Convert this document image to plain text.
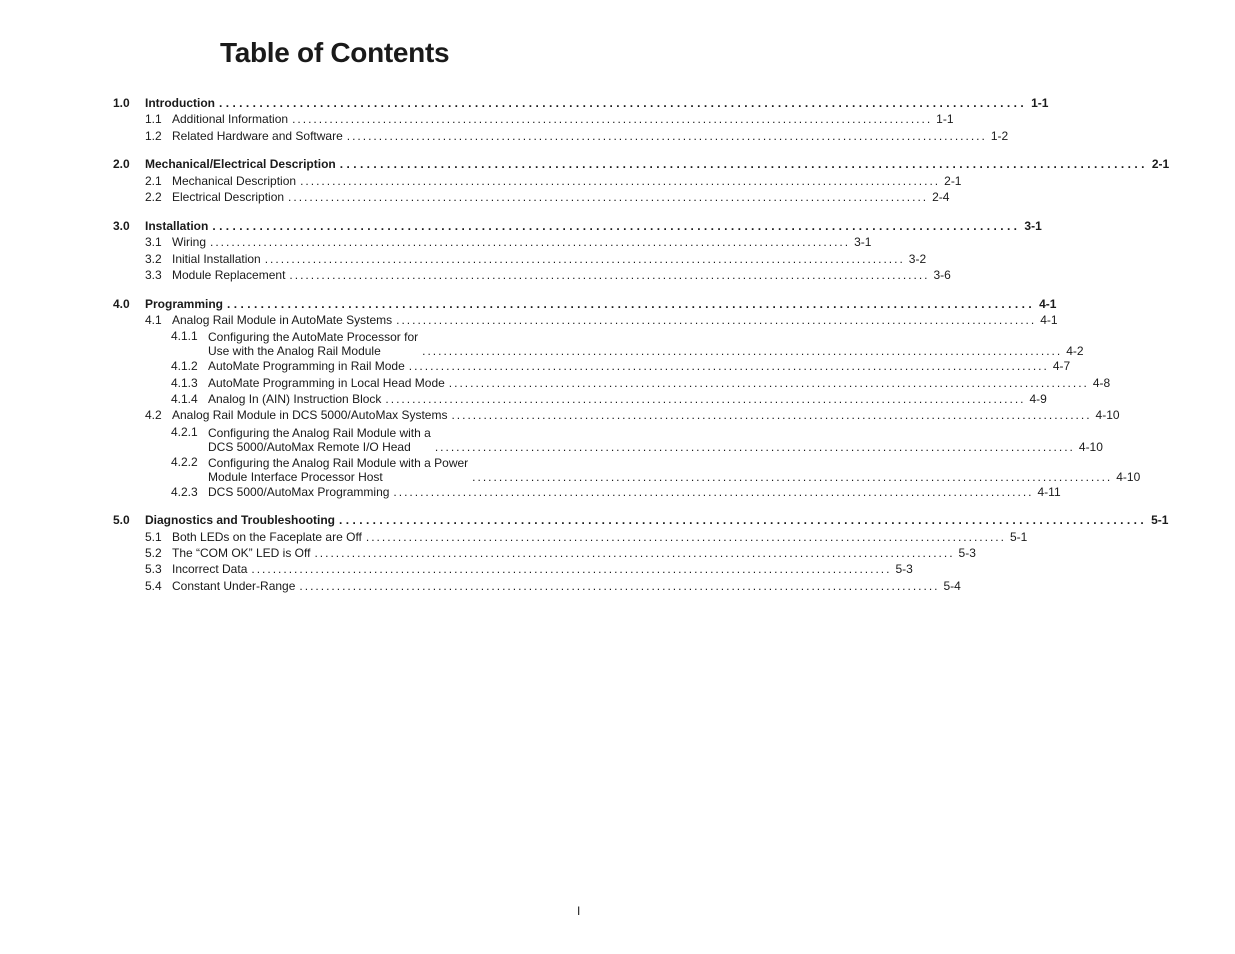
Table of Contents
1.0 Introduction ........................................................................................................................ 1-1
1.1 Additional Information ........................................................................................................................ 1-1
1.2 Related Hardware and Software ........................................................................................................................ 1-2
2.0 Mechanical/Electrical Description ........................................................................................................................ 2-1
2.1 Mechanical Description ........................................................................................................................ 2-1
2.2 Electrical Description ........................................................................................................................ 2-4
3.0 Installation ........................................................................................................................ 3-1
3.1 Wiring ........................................................................................................................ 3-1
3.2 Initial Installation ........................................................................................................................ 3-2
3.3 Module Replacement ........................................................................................................................ 3-6
4.0 Programming ........................................................................................................................ 4-1
4.1 Analog Rail Module in AutoMate Systems ........................................................................................................................ 4-1
4.1.1 Configuring the AutoMate Processor for
Use with the Analog Rail Module	........................................................................................................................ 4-2
4.1.2 AutoMate Programming in Rail Mode ........................................................................................................................ 4-7
4.1.3 AutoMate Programming in Local Head Mode ........................................................................................................................ 4-8
4.1.4 Analog In (AIN) Instruction Block ........................................................................................................................ 4-9
4.2 Analog Rail Module in DCS 5000/AutoMax Systems ........................................................................................................................ 4-10
4.2.1 Configuring the Analog Rail Module with a
DCS 5000/AutoMax Remote I/O Head	........................................................................................................................ 4-10
4.2.2 Configuring the Analog Rail Module with a Power
Module Interface Processor Host	........................................................................................................................ 4-10
4.2.3 DCS 5000/AutoMax Programming ........................................................................................................................ 4-11
5.0 Diagnostics and Troubleshooting ........................................................................................................................ 5-1
5.1 Both LEDs on the Faceplate are Off ........................................................................................................................ 5-1
5.2 The “COM OK” LED is Off ........................................................................................................................ 5-3
5.3 Incorrect Data ........................................................................................................................ 5-3
5.4 Constant Under-Range ........................................................................................................................ 5-4
I
